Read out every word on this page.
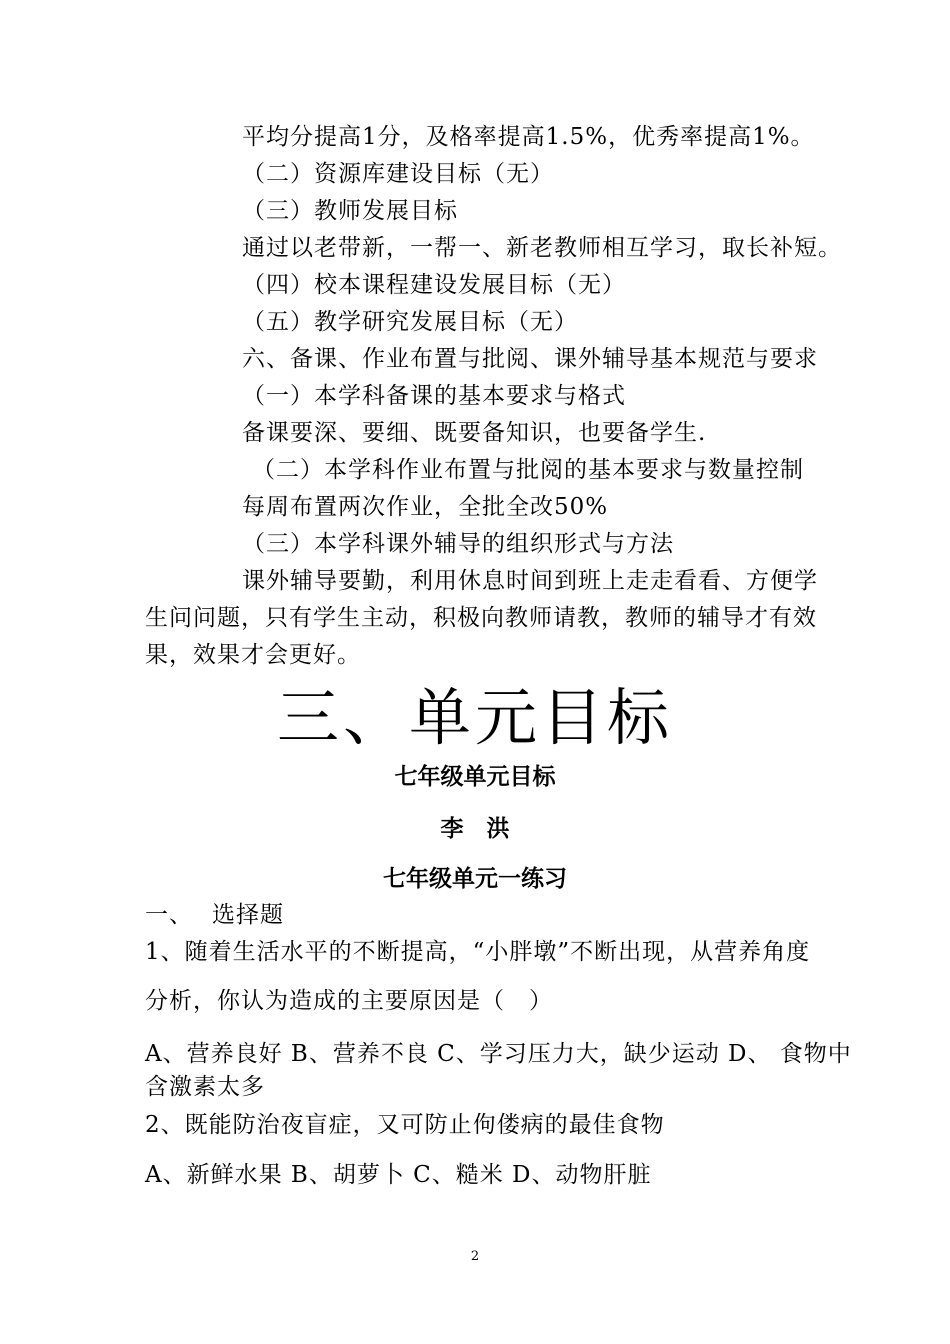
平均分提高1分，及格率提高1.5%，优秀率提高1%。
（二）资源库建设目标（无）
（三）教师发展目标
通过以老带新，一帮一、新老教师相互学习，取长补短。
（四）校本课程建设发展目标（无）
（五）教学研究发展目标（无）
六、备课、作业布置与批阅、课外辅导基本规范与要求
（一）本学科备课的基本要求与格式
备课要深、要细、既要备知识，也要备学生.
（二）本学科作业布置与批阅的基本要求与数量控制
每周布置两次作业，全批全改50%
（三）本学科课外辅导的组织形式与方法
课外辅导要勤，利用休息时间到班上走走看看、方便学
生问问题，只有学生主动，积极向教师请教，教师的辅导才有效
果，效果才会更好。
三、单元目标
七年级单元目标
李　洪
七年级单元一练习
一、 选择题
1、随着生活水平的不断提高，“小胖墩”不断出现，从营养角度
分析，你认为造成的主要原因是（　）
A、营养良好 B、营养不良 C、学习压力大，缺少运动 D、 食物中
含激素太多
2、既能防治夜盲症，又可防止佝偻病的最佳食物
A、新鲜水果 B、胡萝卜 C、糙米 D、动物肝脏
2
